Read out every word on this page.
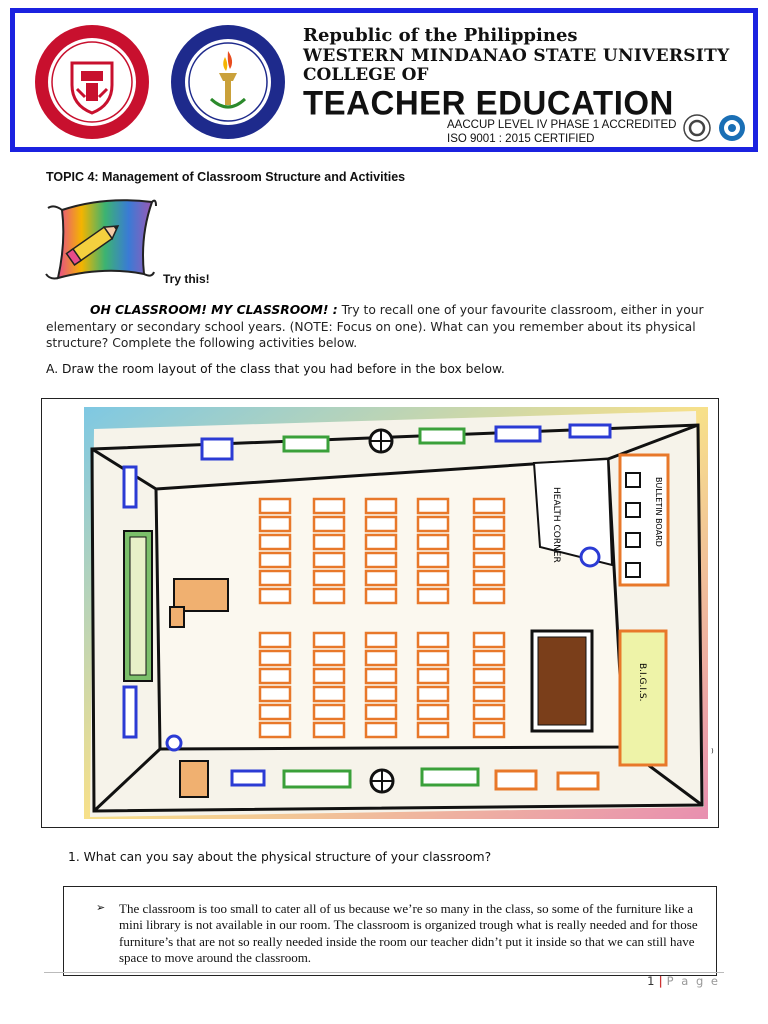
Republic of the Philippines
WESTERN MINDANAO STATE UNIVERSITY
COLLEGE OF
TEACHER EDUCATION
AACCUP LEVEL IV PHASE 1 ACCREDITED
ISO 9001 : 2015 CERTIFIED
TOPIC 4: Management of Classroom Structure and Activities
Try this!
OH CLASSROOM! MY CLASSROOM! : Try to recall one of your favourite classroom, either in your elementary or secondary school years. (NOTE: Focus on one). What can you remember about its physical structure? Complete the following activities below.
A. Draw the room layout of the class that you had before in the box below.
HEALTH CORNER	BULLETIN BOARD
B.I.G.I.S.
⁾
1. What can you say about the physical structure of your classroom?
➢ The classroom is too small to cater all of us because we’re so many in the class, so some of the furniture like a mini library is not available in our room. The classroom is organized trough what is really needed and for those furniture’s that are not so really needed inside the room our teacher didn’t put it inside so that we can still have space to move around the classroom.
1 | P a g e
